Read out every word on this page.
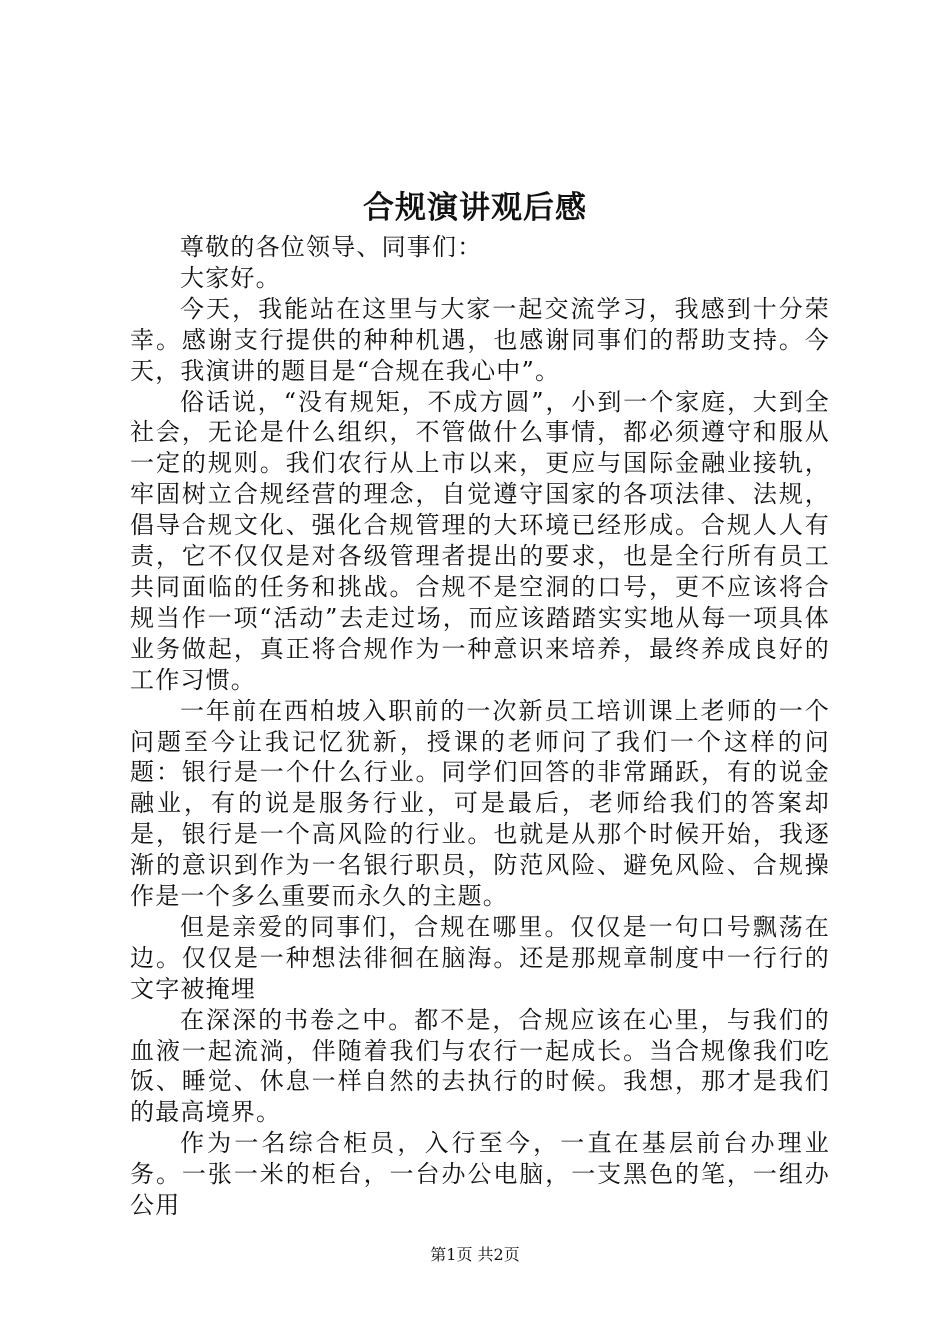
合规演讲观后感

尊敬的各位领导、同事们：

大家好。

今天，我能站在这里与大家一起交流学习，我感到十分荣幸。感谢支行提供的种种机遇，也感谢同事们的帮助支持。今天，我演讲的题目是“合规在我心中”。

俗话说，“没有规矩，不成方圆”，小到一个家庭，大到全社会，无论是什么组织，不管做什么事情，都必须遵守和服从一定的规则。我们农行从上市以来，更应与国际金融业接轨，牢固树立合规经营的理念，自觉遵守国家的各项法律、法规，倡导合规文化、强化合规管理的大环境已经形成。合规人人有责，它不仅仅是对各级管理者提出的要求，也是全行所有员工共同面临的任务和挑战。合规不是空洞的口号，更不应该将合规当作一项“活动”去走过场，而应该踏踏实实地从每一项具体业务做起，真正将合规作为一种意识来培养，最终养成良好的工作习惯。

一年前在西柏坡入职前的一次新员工培训课上老师的一个问题至今让我记忆犹新，授课的老师问了我们一个这样的问题：银行是一个什么行业。同学们回答的非常踊跃，有的说金融业，有的说是服务行业，可是最后，老师给我们的答案却是，银行是一个高风险的行业。也就是从那个时候开始，我逐渐的意识到作为一名银行职员，防范风险、避免风险、合规操作是一个多么重要而永久的主题。

但是亲爱的同事们，合规在哪里。仅仅是一句口号飘荡在边。仅仅是一种想法徘徊在脑海。还是那规章制度中一行行的文字被掩埋

在深深的书卷之中。都不是，合规应该在心里，与我们的血液一起流淌，伴随着我们与农行一起成长。当合规像我们吃饭、睡觉、休息一样自然的去执行的时候。我想，那才是我们的最高境界。

作为一名综合柜员，入行至今，一直在基层前台办理业务。一张一米的柜台，一台办公电脑，一支黑色的笔，一组办公用

第1页 共2页
